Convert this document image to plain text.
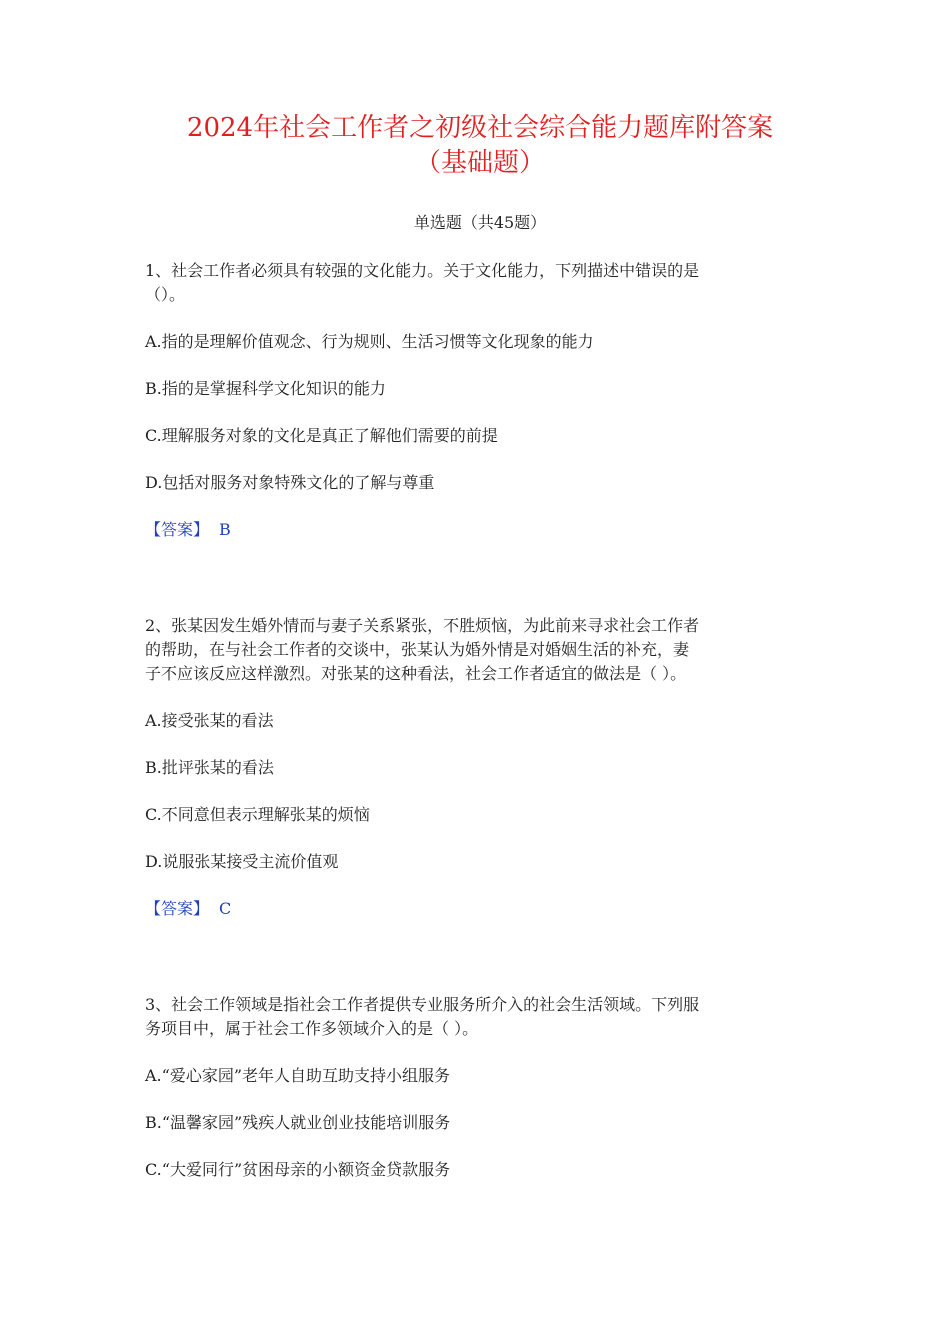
2024年社会工作者之初级社会综合能力题库附答案
（基础题）
单选题（共45题）
1、社会工作者必须具有较强的文化能力。关于文化能力，下列描述中错误的是
（）。
A.指的是理解价值观念、行为规则、生活习惯等文化现象的能力
B.指的是掌握科学文化知识的能力
C.理解服务对象的文化是真正了解他们需要的前提
D.包括对服务对象特殊文化的了解与尊重
【答案】 B
2、张某因发生婚外情而与妻子关系紧张，不胜烦恼，为此前来寻求社会工作者
的帮助，在与社会工作者的交谈中，张某认为婚外情是对婚姻生活的补充，妻
子不应该反应这样激烈。对张某的这种看法，社会工作者适宜的做法是（ ）。
A.接受张某的看法
B.批评张某的看法
C.不同意但表示理解张某的烦恼
D.说服张某接受主流价值观
【答案】 C
3、社会工作领域是指社会工作者提供专业服务所介入的社会生活领域。下列服
务项目中，属于社会工作多领域介入的是（ ）。
A.“爱心家园”老年人自助互助支持小组服务
B.“温馨家园”残疾人就业创业技能培训服务
C.“大爱同行”贫困母亲的小额资金贷款服务
